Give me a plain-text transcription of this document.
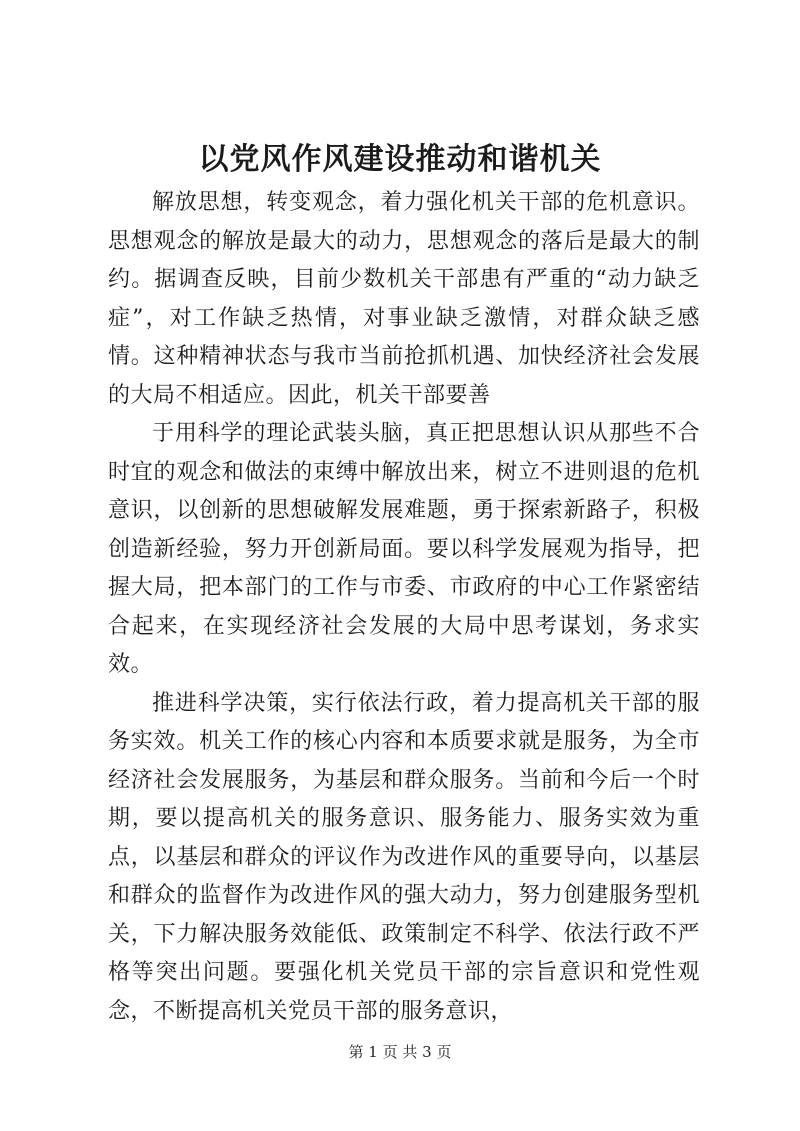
以党风作风建设推动和谐机关

解放思想，转变观念，着力强化机关干部的危机意识。思想观念的解放是最大的动力，思想观念的落后是最大的制约。据调查反映，目前少数机关干部患有严重的“动力缺乏症”，对工作缺乏热情，对事业缺乏激情，对群众缺乏感情。这种精神状态与我市当前抢抓机遇、加快经济社会发展的大局不相适应。因此，机关干部要善

于用科学的理论武装头脑，真正把思想认识从那些不合时宜的观念和做法的束缚中解放出来，树立不进则退的危机意识，以创新的思想破解发展难题，勇于探索新路子，积极创造新经验，努力开创新局面。要以科学发展观为指导，把握大局，把本部门的工作与市委、市政府的中心工作紧密结合起来，在实现经济社会发展的大局中思考谋划，务求实效。

推进科学决策，实行依法行政，着力提高机关干部的服务实效。机关工作的核心内容和本质要求就是服务，为全市经济社会发展服务，为基层和群众服务。当前和今后一个时期，要以提高机关的服务意识、服务能力、服务实效为重点，以基层和群众的评议作为改进作风的重要导向，以基层和群众的监督作为改进作风的强大动力，努力创建服务型机关，下力解决服务效能低、政策制定不科学、依法行政不严格等突出问题。要强化机关党员干部的宗旨意识和党性观念，不断提高机关党员干部的服务意识，

第 1 页 共 3 页
